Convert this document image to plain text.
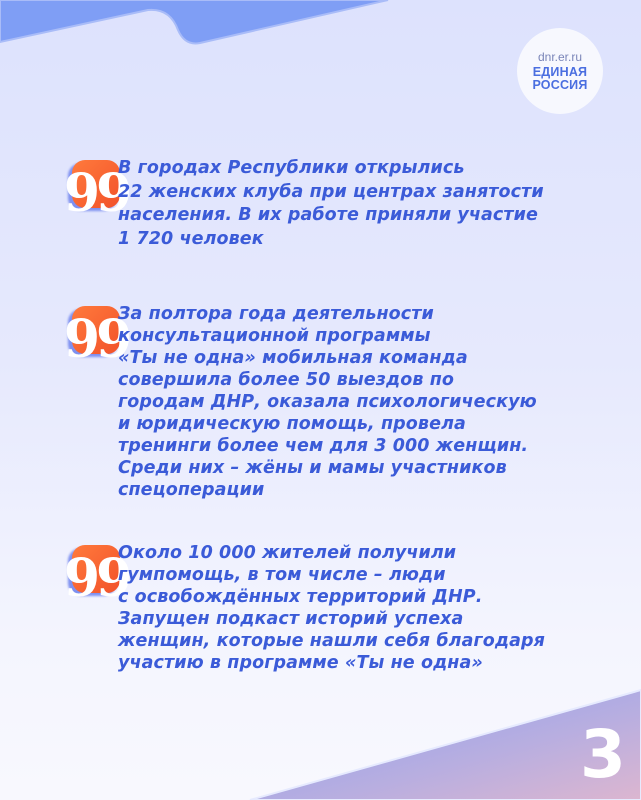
dnr.er.ru
ЕДИНАЯ
РОССИЯ
99
В городах Республики открылись
22 женских клуба при центрах занятости
населения. В их работе приняли участие
1 720 человек
99
За полтора года деятельности
консультационной программы
«Ты не одна» мобильная команда
совершила более 50 выездов по
городам ДНР, оказала психологическую
и юридическую помощь, провела
тренинги более чем для 3 000 женщин.
Среди них – жёны и мамы участников
спецоперации
99
Около 10 000 жителей получили
гумпомощь, в том числе – люди
с освобождённых территорий ДНР.
Запущен подкаст историй успеха
женщин, которые нашли себя благодаря
участию в программе «Ты не одна»
3
